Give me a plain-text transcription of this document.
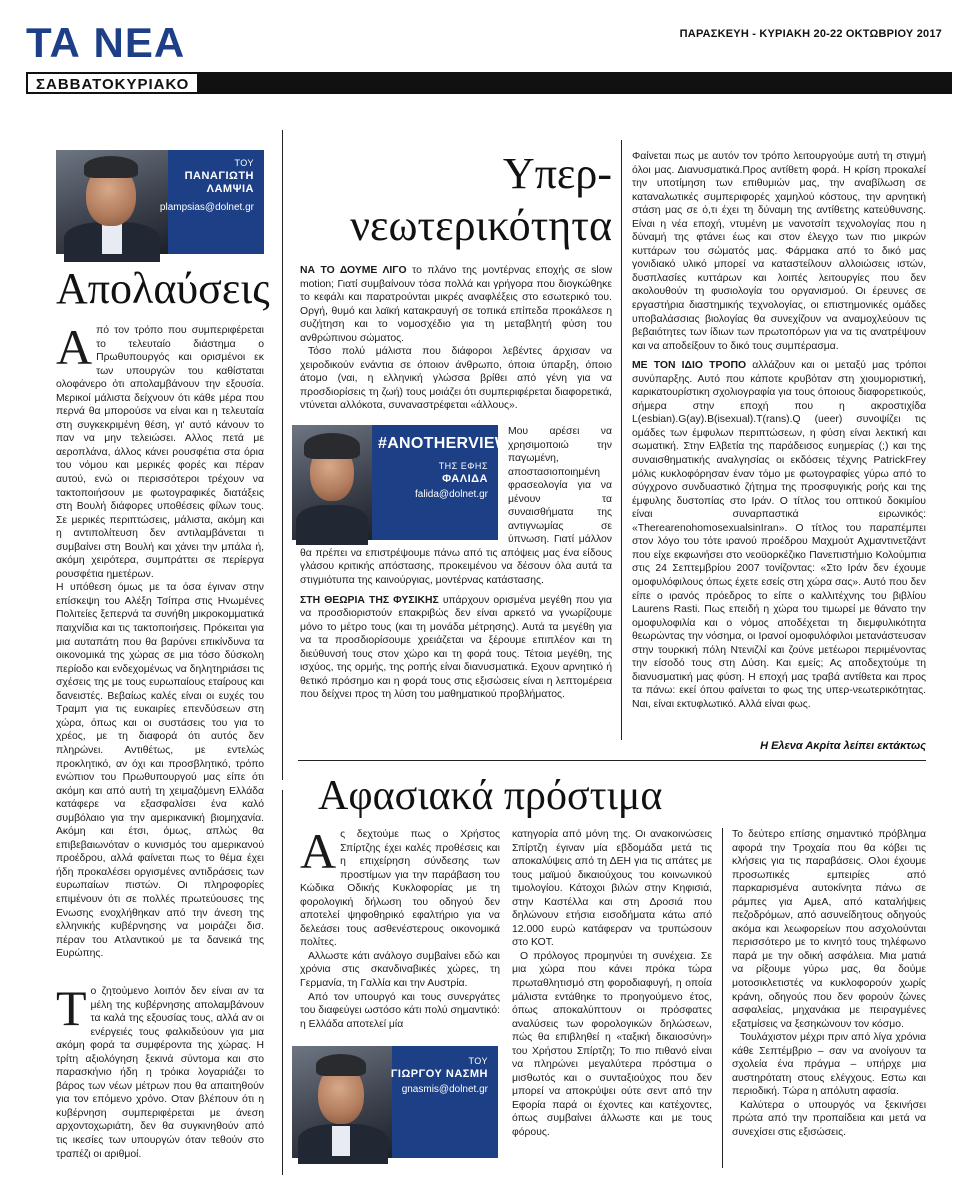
ΤΑ ΝΕΑ	ΠΑΡΑΣΚΕΥΗ - ΚΥΡΙΑΚΗ 20-22 ΟΚΤΩΒΡΙΟΥ 2017
ΣΑΒΒΑΤΟΚΥΡΙΑΚΟ
ΤΟΥ
ΠΑΝΑΓΙΩΤΗ ΛΑΜΨΙΑ
plampsias@dolnet.gr
Απολαύσεις

Από τον τρόπο που συμπεριφέρεται το τελευταίο διάστημα ο Πρωθυπουργός και ορισμένοι εκ των υπουργών του καθίσταται ολοφάνερο ότι απολαμβάνουν την εξουσία. Μερικοί μάλιστα δείχνουν ότι κάθε μέρα που περνά θα μπορούσε να είναι και η τελευταία στη συγκεκριμένη θέση, γι' αυτό κάνουν το παν να μην τελειώσει. Αλλος πετά με αεροπλάνα, άλλος κάνει ρουσφέτια στα όρια του νόμου και μερικές φορές και πέραν αυτού, ενώ οι περισσότεροι τρέχουν να τακτοποιήσουν με φωτογραφικές διατάξεις στη Βουλή διάφορες υποθέσεις φίλων τους. Σε μερικές περιπτώσεις, μάλιστα, ακόμη και η αντιπολίτευση δεν αντιλαμβάνεται τι συμβαίνει στη Βουλή και χάνει την μπάλα ή, ακόμη χειρότερα, συμπράττει σε περίεργα ρουσφέτια ημετέρων.

Η υπόθεση όμως με τα όσα έγιναν στην επίσκεψη του Αλέξη Τσίπρα στις Ηνωμένες Πολιτείες ξεπερνά τα συνήθη μικροκομματικά παιχνίδια και τις τακτοποιήσεις. Πρόκειται για μια αυταπάτη που θα βαρύνει επικίνδυνα τα οικονομικά της χώρας σε μια τόσο δύσκολη περίοδο και ενδεχομένως να δηλητηριάσει τις σχέσεις της με τους ευρωπαίους εταίρους και δανειστές. Βεβαίως καλές είναι οι ευχές του Τραμπ για τις ευκαιρίες επενδύσεων στη χώρα, όπως και οι συστάσεις του για το χρέος, με τη διαφορά ότι αυτός δεν πληρώνει. Αντιθέτως, με εντελώς προκλητικό, αν όχι και προσβλητικό, τρόπο ενώπιον του Πρωθυπουργού μας είπε ότι ακόμη και από αυτή τη χειμαζόμενη Ελλάδα κατάφερε να εξασφαλίσει ένα καλό συμβόλαιο για την αμερικανική βιομηχανία. Ακόμη και έτσι, όμως, απλώς θα επιβεβαιωνόταν ο κυνισμός του αμερικανού προέδρου, αλλά φαίνεται πως το θέμα έχει ήδη προκαλέσει οργισμένες αντιδράσεις των ευρωπαίων πιστών. Οι πληροφορίες επιμένουν ότι σε πολλές πρωτεύουσες της Ενωσης ενοχλήθηκαν από την άνεση της ελληνικής κυβέρνησης να μοιράζει δισ. πέραν του Ατλαντικού με τα δανεικά της Ευρώπης.

Το ζητούμενο λοιπόν δεν είναι αν τα μέλη της κυβέρνησης απολαμβάνουν τα καλά της εξουσίας τους, αλλά αν οι ενέργειές τους φαλκιδεύουν για μια ακόμη φορά τα συμφέροντα της χώρας. Η τρίτη αξιολόγηση ξεκινά σύντομα και στο παρασκήνιο ήδη η τρόικα λογαριάζει το βάρος των νέων μέτρων που θα απαιτηθούν για τον επόμενο χρόνο. Οταν βλέπουν ότι η κυβέρνηση συμπεριφέρεται με άνεση αρχοντοχωριάτη, δεν θα συγκινηθούν από τις ικεσίες των υπουργών όταν τεθούν στο τραπέζι οι αριθμοί.

Υπερ-
νεωτερικότητα

ΝΑ ΤΟ ΔΟΥΜΕ ΛΙΓΟ το πλάνο της μοντέρνας εποχής σε slow motion; Γιατί συμβαίνουν τόσα πολλά και γρήγορα που διογκώθηκε το κεφάλι και παρατρούνται μικρές αναφλέξεις στο εσωτερικό του. Οργή, θυμό και λαϊκή κατακραυγή σε τοπικά επίπεδα προκάλεσε η συζήτηση και το νομοσχέδιο για τη μεταβλητή φύση του ανθρώπινου σώματος.

Τόσο πολύ μάλιστα που διάφοροι λεβέντες άρχισαν να χειροδικούν ενάντια σε όποιον άνθρωπο, όποια ύπαρξη, όποιο άτομο (ναι, η ελληνική γλώσσα βρίθει από γένη για να προσδιορίσεις τη ζωή) τους μοιάζει ότι συμπεριφέρεται διαφορετικά, ντύνεται αλλόκοτα, συναναστρέφεται «άλλους».

#ANOTHERVIEW
ΤΗΣ ΕΦΗΣ
ΦΑΛΙΔΑ
falida@dolnet.gr

Μου αρέσει να χρησιμοποιώ την παγωμένη, αποστασιοποιημένη φρασεολογία για να μένουν τα συναισθήματα της αντιγνωμίας σε ύπνωση. Γιατί μάλλον θα πρέπει να επιστρέψουμε πάνω από τις απόψεις μας ένα είδους γλάσου κριτικής απόστασης, προκειμένου να δέσουν όλα αυτά τα στιγμιότυπα της καινούργιας, μοντέρνας κατάστασης.

ΣΤΗ ΘΕΩΡΙΑ ΤΗΣ ΦΥΣΙΚΗΣ υπάρχουν ορισμένα μεγέθη που για να προσδιοριστούν επακριβώς δεν είναι αρκετό να γνωρίζουμε μόνο το μέτρο τους (και τη μονάδα μέτρησης). Αυτά τα μεγέθη για να τα προσδιορίσουμε χρειάζεται να ξέρουμε επιπλέον και τη διεύθυνσή τους στον χώρο και τη φορά τους. Τέτοια μεγέθη, της ισχύος, της ορμής, της ροπής είναι διανυσματικά. Εχουν αρνητικό ή θετικό πρόσημο και η φορά τους στις εξισώσεις είναι η λεπτομέρεια που δείχνει προς τη λύση του μαθηματικού προβλήματος.

Φαίνεται πως με αυτόν τον τρόπο λειτουργούμε αυτή τη στιγμή όλοι μας. Διανυσματικά.Προς αντίθετη φορά. Η κρίση προκαλεί την υποτίμηση των επιθυμιών μας, την αναβίλωση σε καταναλωτικές συμπεριφορές χαμηλού κόστους, την αρνητική στάση μας σε ό,τι έχει τη δύναμη της αντίθετης κατεύθυνσης. Είναι η νέα εποχή, ντυμένη με νανοτσίπ τεχνολογίας που η δύναμή της φτάνει έως και στον έλεγχο των πιο μικρών κυττάρων του σώματός μας. Φάρμακα από το δικό μας γονιδιακό υλικό μπορεί να καταστείλουν αλλοιώσεις ιστών, δυσπλασίες κυττάρων και λοιπές λειτουργίες που δεν ακολουθούν τη φυσιολογία του οργανισμού. Οι έρευνες σε εργαστήρια διαστημικής τεχνολογίας, οι επιστημονικές ομάδες υποβαλάσσιας βιολογίας θα συνεχίζουν να αναμοχλεύουν τις βεβαιότητες των ίδιων των πρωτοπόρων για να τις ανατρέψουν και να αποδείξουν το δικό τους συμπέρασμα.

ΜΕ ΤΟΝ ΙΔΙΟ ΤΡΟΠΟ αλλάζουν και οι μεταξύ μας τρόποι συνύπαρξης. Αυτό που κάποτε κρυβόταν στη χιουμοριστική, καρικατουρίστικη σχολιογραφία για τους όποιους διαφορετικούς, σήμερα στην εποχή που η ακροστιχίδα L(esbian).G(ay).B(isexual).T(rans).Q (ueer) συνοψίζει τις ομάδες των έμφυλων περιπτώσεων, η φύση είναι λεκτική και σωματική. Στην Ελβετία της παράδεισος ευημερίας (;) και της συναισθηματικής αναλγησίας οι εκδόσεις τέχνης PatrickFrey μόλις κυκλοφόρησαν έναν τόμο με φωτογραφίες γύρω από το σύγχρονο συνδυαστικό ζήτημα της προσφυγικής ροής και της έμφυλης δυστοπίας στο Ιράν. Ο τίτλος του οπτικού δοκιμίου είναι συναρπαστικά ειρωνικός: «TherearenohomosexualsinIran». Ο τίτλος του παραπέμπει στον λόγο του τότε ιρανού προέδρου Μαχμούτ Αχμαντινετζάντ που είχε εκφωνήσει στο νεοϋορκέζικο Πανεπιστήμιο Κολούμπια στις 24 Σεπτεμβρίου 2007 τονίζοντας: «Στο Ιράν δεν έχουμε ομοφυλόφιλους όπως έχετε εσείς στη χώρα σας». Αυτό που δεν είπε ο ιρανός πρόεδρος το είπε ο καλλιτέχνης του βιβλίου Laurens Rasti. Πως επειδή η χώρα του τιμωρεί με θάνατο την ομοφυλοφιλία και ο νόμος αποδέχεται τη διεμφυλικότητα θεωρώντας την νόσημα, οι Ιρανοί ομοφυλόφιλοι μετανάστευσαν στην τουρκική πόλη Ντενιζλί και ζούνε μετέωροι περιμένοντας την είσοδό τους στη Δύση. Και εμείς; Ας αποδεχτούμε τη διανυσματική μας φύση. Η εποχή μας τραβά αντίθετα και προς τα πάνω: εκεί όπου φαίνεται το φως της υπερ-νεωτερικότητας. Ναι, είναι εκτυφλωτικό. Αλλά είναι φως.

Η Ελενα Ακρίτα λείπει εκτάκτως
Αφασιακά πρόστιμα

Ας δεχτούμε πως ο Χρήστος Σπίρτζης έχει καλές προθέσεις και η επιχείρηση σύνδεσης των προστίμων για την παράβαση του Κώδικα Οδικής Κυκλοφορίας με τη φορολογική δήλωση του οδηγού δεν αποτελεί ψηφοθηρικό εφαλτήριο για να δελεάσει τους ασθενέστερους οικονομικά πολίτες.

Αλλωστε κάτι ανάλογο συμβαίνει εδώ και χρόνια στις σκανδιναβικές χώρες, τη Γερμανία, τη Γαλλία και την Αυστρία.

Από τον υπουργό και τους συνεργάτες του διαφεύγει ωστόσο κάτι πολύ σημαντικό: η Ελλάδα αποτελεί μία

ΤΟΥ
ΓΙΩΡΓΟΥ ΝΑΣΜΗ
gnasmis@dolnet.gr

κατηγορία από μόνη της. Οι ανακοινώσεις Σπίρτζη έγιναν μία εβδομάδα μετά τις αποκαλύψεις από τη ΔΕΗ για τις απάτες με τους μαϊμού δικαιούχους του κοινωνικού τιμολογίου. Κάτοχοι βιλών στην Κηφισιά, στην Καστέλλα και στη Δροσιά που δηλώνουν ετήσια εισοδήματα κάτω από 12.000 ευρώ κατάφεραν να τρυπώσουν στο ΚΟΤ.

Ο πρόλογος προμηνύει τη συνέχεια. Σε μια χώρα που κάνει πρόκα τώρα πρωταθλητισμό στη φοροδιαφυγή, η οποία μάλιστα εντάθηκε το προηγούμενο έτος, όπως αποκαλύπτουν οι πρόσφατες αναλύσεις των φορολογικών δηλώσεων, πώς θα επιβληθεί η «ταξική δικαιοσύνη» του Χρήστου Σπίρτζη; Το πιο πιθανό είναι να πληρώνει μεγαλύτερα πρόστιμα ο μισθωτός και ο συνταξιούχος που δεν μπορεί να αποκρύψει ούτε σεντ από την Εφορία παρά οι έχοντες και κατέχοντες, όπως συμβαίνει άλλωστε και με τους φόρους.

Το δεύτερο επίσης σημαντικό πρόβλημα αφορά την Τροχαία που θα κόβει τις κλήσεις για τις παραβάσεις. Ολοι έχουμε προσωπικές εμπειρίες από παρκαρισμένα αυτοκίνητα πάνω σε ράμπες για ΑμεΑ, από καταλήψεις πεζοδρόμων, από ασυνείδητους οδηγούς ακόμα και λεωφορείων που ασχολούνται περισσότερο με το κινητό τους τηλέφωνο παρά με την οδική ασφάλεια. Μια ματιά να ρίξουμε γύρω μας, θα δούμε μοτοσικλετιστές να κυκλοφορούν χωρίς κράνη, οδηγούς που δεν φορούν ζώνες ασφαλείας, μηχανάκια με πειραγμένες εξατμίσεις να ξεσηκώνουν τον κόσμο.

Τουλάχιστον μέχρι πριν από λίγα χρόνια κάθε Σεπτέμβριο – σαν να ανοίγουν τα σχολεία ένα πράγμα – υπήρχε μια αυστηρότατη στους ελέγχους. Εστω και περιοδική. Τώρα η απόλυτη αφασία.

Καλύτερα ο υπουργός να ξεκινήσει πρώτα από την προπαίδεια και μετά να συνεχίσει στις εξισώσεις.
